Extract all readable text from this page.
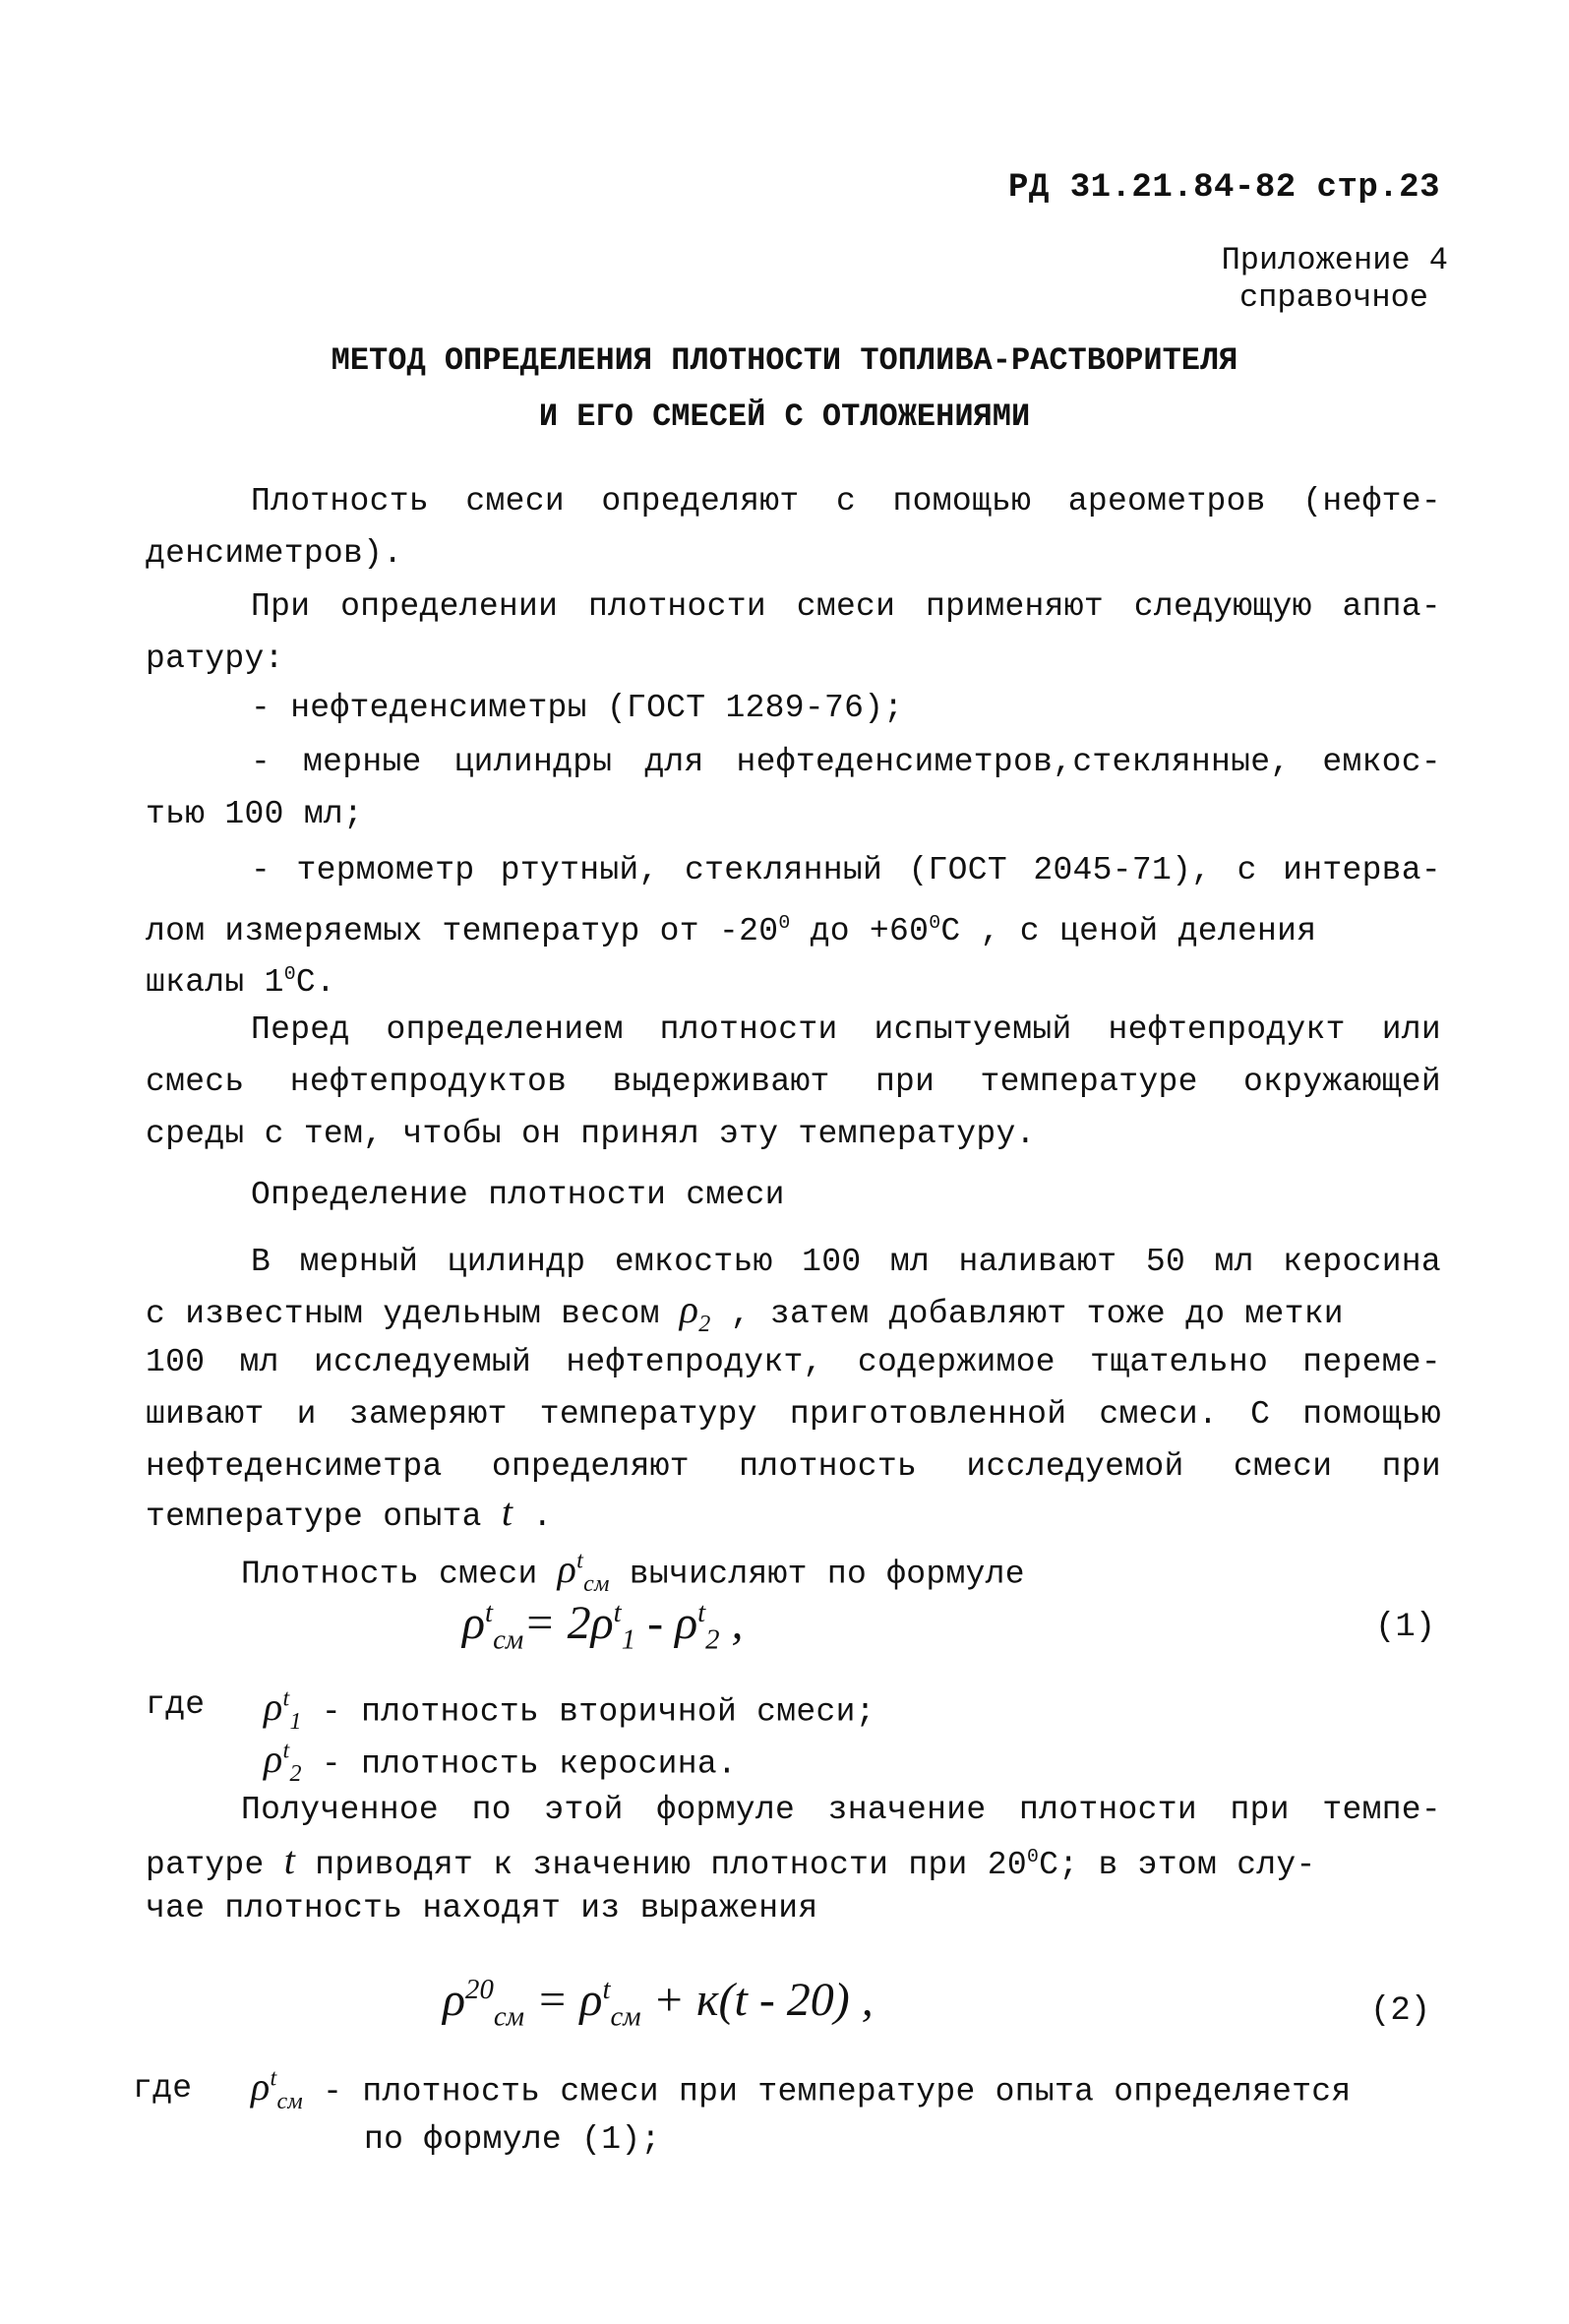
РД 31.21.84-82 стр.23
Приложение 4
справочное
МЕТОД ОПРЕДЕЛЕНИЯ ПЛОТНОСТИ ТОПЛИВА-РАСТВОРИТЕЛЯ
И ЕГО СМЕСЕЙ С ОТЛОЖЕНИЯМИ
Плотность смеси определяют с помощью ареометров (нефте-
денсиметров).
При определении плотности смеси применяют следующую аппа-
ратуру:
- нефтеденсиметры (ГОСТ 1289-76);
- мерные цилиндры для нефтеденсиметров,стеклянные, емкос-
тью 100 мл;
- термометр ртутный, стеклянный (ГОСТ 2045-71), с интерва-
лом измеряемых температур от $-20^0$ до $+60^0С$ , с ценой деления
шкалы $1^0С$.
Перед определением плотности испытуемый нефтепродукт или
смесь нефтепродуктов выдерживают при температуре окружающей
среды с тем, чтобы он принял эту температуру.
Определение плотности смеси
В мерный цилиндр емкостью 100 мл наливают 50 мл керосина
с известным удельным весом $\rho_2$ , затем добавляют тоже до метки
100 мл исследуемый нефтепродукт, содержимое тщательно переме-
шивают и замеряют температуру приготовленной смеси. С помощью
нефтеденсиметра определяют плотность исследуемой смеси при
температуре опыта t .
Плотность смеси $\rho^t_{см}$ вычисляют по формуле
$\rho^t_{см}= 2\rho^t_1 - \rho^t_2$ ,	(1)
где $\rho^t_1$ - плотность вторичной смеси;
$\rho^t_2$ - плотность керосина.
Полученное по этой формуле значение плотности при темпе-
ратуре t приводят к значению плотности при $20^0С$; в этом слу-
чае плотность находят из выражения
$\rho^{20}_{см} = \rho^t_{см} + к(t - 20)$ ,	(2)
где $\rho^t_{см}$ - плотность смеси при температуре опыта определяется
по формуле (1);
